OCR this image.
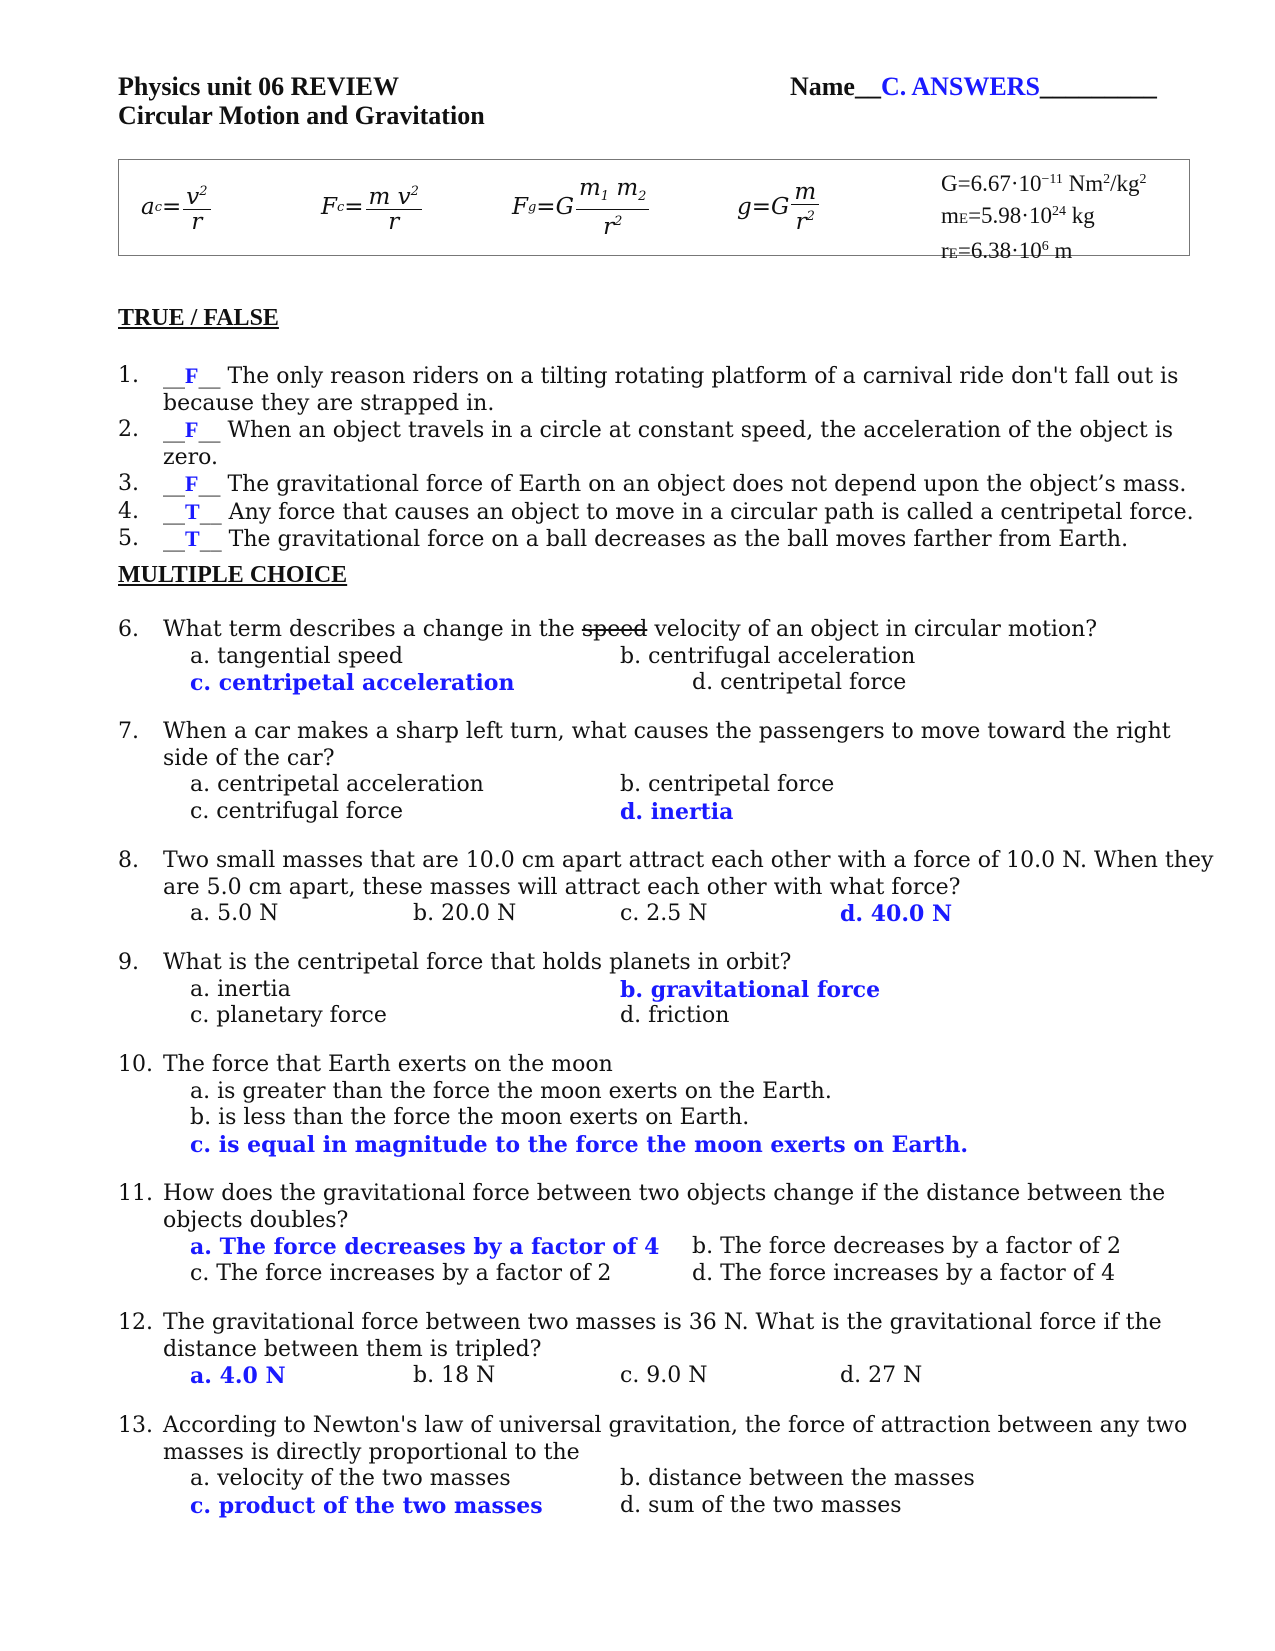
Physics unit 06 REVIEW
Circular Motion and Gravitation
Name__C. ANSWERS_________
a $c = \frac{v^2}{r}$	F $c = \frac{m v^2}{r}$	F g = G $\frac{m_1 m_2}{r^2}$	g = G $\frac{m}{r^2}$	$G=6.67\cdot 10^{-11}$ $Nm^2/kg^2$
$mE=5.98\cdot 10^{24}$ kg
$rE=6.38\cdot 10^6$ m
TRUE / FALSE
1.	__F__ The only reason riders on a tilting rotating platform of a carnival ride don't fall out is because they are strapped in.
2.	__F__ When an object travels in a circle at constant speed, the acceleration of the object is zero.
3.	__F__ The gravitational force of Earth on an object does not depend upon the object’s mass.
4.	__T__ Any force that causes an object to move in a circular path is called a centripetal force.
5.	__T__ The gravitational force on a ball decreases as the ball moves farther from Earth.
MULTIPLE CHOICE
6.	What term describes a change in the speed velocity of an object in circular motion?
a. tangential speed	b. centrifugal acceleration
c. centripetal acceleration	d. centripetal force
7.	When a car makes a sharp left turn, what causes the passengers to move toward the right side of the car?
a. centripetal acceleration	b. centripetal force
c. centrifugal force	d. inertia
8.	Two small masses that are 10.0 cm apart attract each other with a force of 10.0 N. When they are 5.0 cm apart, these masses will attract each other with what force?
a. 5.0 N	b. 20.0 N	c. 2.5 N	d. 40.0 N
9.	What is the centripetal force that holds planets in orbit?
a. inertia	b. gravitational force
c. planetary force	d. friction
10. The force that Earth exerts on the moon
a. is greater than the force the moon exerts on the Earth.
b. is less than the force the moon exerts on Earth.
c. is equal in magnitude to the force the moon exerts on Earth.
11. How does the gravitational force between two objects change if the distance between the objects doubles?
a. The force decreases by a factor of 4 b. The force decreases by a factor of 2
c. The force increases by a factor of 2	d. The force increases by a factor of 4
12. The gravitational force between two masses is 36 N. What is the gravitational force if the distance between them is tripled?
a. 4.0 N	b. 18 N	c. 9.0 N	d. 27 N
13. According to Newton's law of universal gravitation, the force of attraction between any two masses is directly proportional to the
a. velocity of the two masses	b. distance between the masses
c. product of the two masses	d. sum of the two masses
